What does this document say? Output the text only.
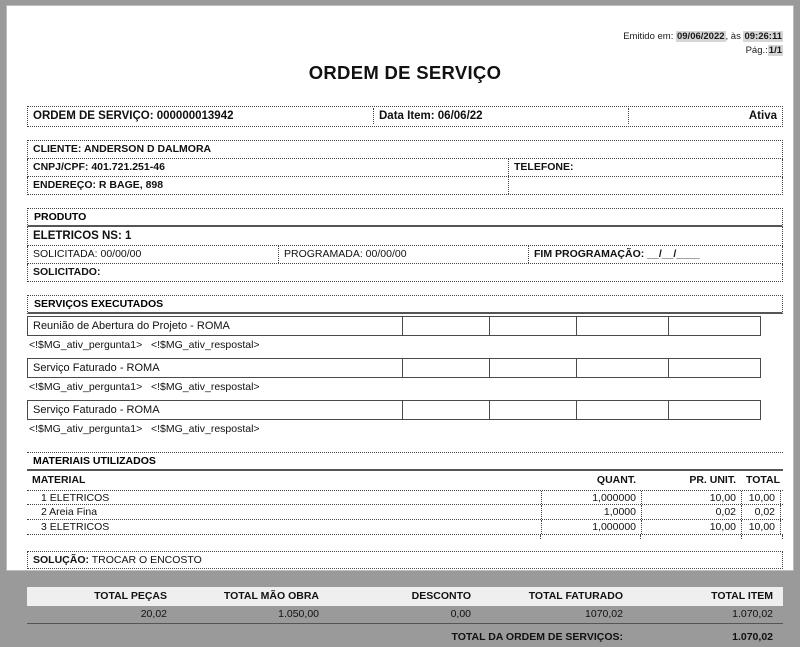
Emitido em: 09/06/2022, às 09:26:11
Pág.:1/1
ORDEM DE SERVIÇO
ORDEM DE SERVIÇO: 000000013942	Data Item: 06/06/22	Ativa
CLIENTE: ANDERSON D DALMORA
CNPJ/CPF: 401.721.251-46	TELEFONE:
ENDEREÇO: R BAGE, 898
PRODUTO
ELETRICOS NS: 1
SOLICITADA: 00/00/00	PROGRAMADA: 00/00/00	FIM PROGRAMAÇÃO: __/__/____
SOLICITADO:
SERVIÇOS EXECUTADOS
Reunião de Abertura do Projeto - ROMA
<!$MG_ativ_pergunta1>   <!$MG_ativ_respostal>
Serviço Faturado - ROMA
<!$MG_ativ_pergunta1>   <!$MG_ativ_respostal>
Serviço Faturado - ROMA
<!$MG_ativ_pergunta1>   <!$MG_ativ_respostal>
MATERIAIS UTILIZADOS
MATERIAL	QUANT.	PR. UNIT. TOTAL
1 ELETRICOS	1,000000	10,00	10,00
2 Areia Fina	1,0000	0,02	0,02
3 ELETRICOS	1,000000	10,00	10,00
SOLUÇÃO: TROCAR O ENCOSTO
TOTAL PEÇAS	TOTAL MÃO OBRA	DESCONTO	TOTAL FATURADO	TOTAL ITEM
20,02	1.050,00	0,00	1070,02	1.070,02
TOTAL DA ORDEM DE SERVIÇOS:	1.070,02
